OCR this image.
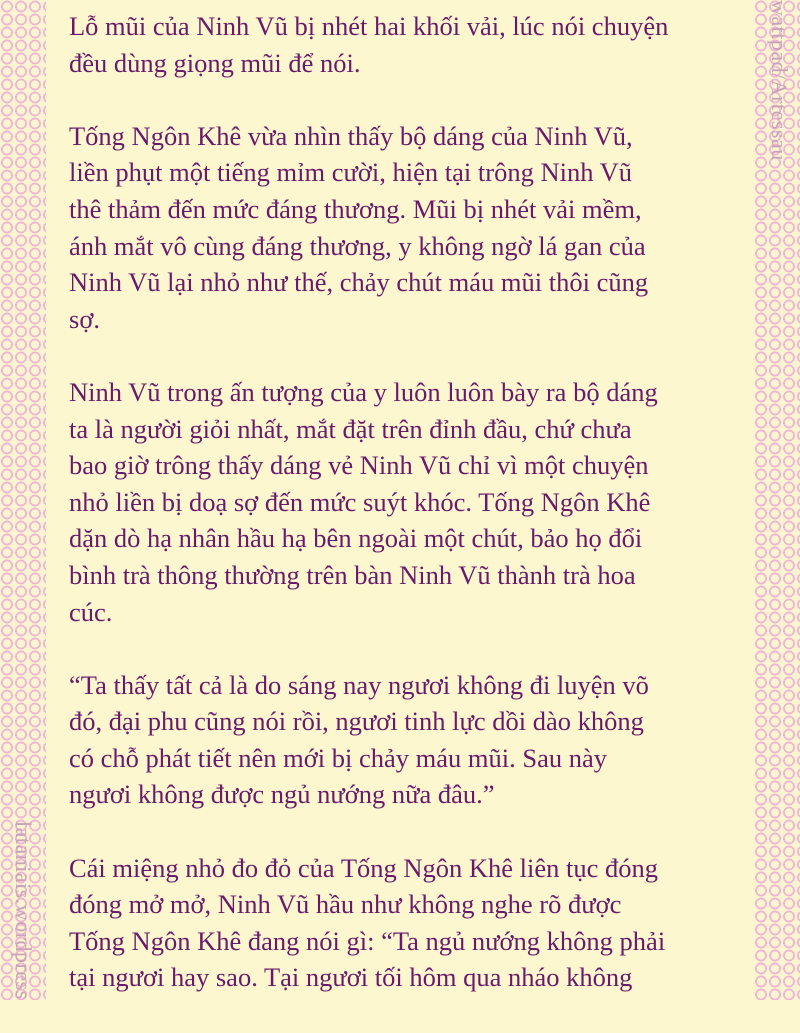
lataniais.wordpress

Lỗ mũi của Ninh Vũ bị nhét hai khối vải, lúc nói chuyện
đều dùng giọng mũi để nói.

Tống Ngôn Khê vừa nhìn thấy bộ dáng của Ninh Vũ,
liền phụt một tiếng mỉm cười, hiện tại trông Ninh Vũ
thê thảm đến mức đáng thương. Mũi bị nhét vải mềm,
ánh mắt vô cùng đáng thương, y không ngờ lá gan của
Ninh Vũ lại nhỏ như thế, chảy chút máu mũi thôi cũng
sợ.

Ninh Vũ trong ấn tượng của y luôn luôn bày ra bộ dáng
ta là người giỏi nhất, mắt đặt trên đỉnh đầu, chứ chưa
bao giờ trông thấy dáng vẻ Ninh Vũ chỉ vì một chuyện
nhỏ liền bị doạ sợ đến mức suýt khóc. Tống Ngôn Khê
dặn dò hạ nhân hầu hạ bên ngoài một chút, bảo họ đổi
bình trà thông thường trên bàn Ninh Vũ thành trà hoa
cúc.

“Ta thấy tất cả là do sáng nay ngươi không đi luyện võ
đó, đại phu cũng nói rồi, ngươi tinh lực dồi dào không
có chỗ phát tiết nên mới bị chảy máu mũi. Sau này
ngươi không được ngủ nướng nữa đâu.”

Cái miệng nhỏ đo đỏ của Tống Ngôn Khê liên tục đóng
đóng mở mở, Ninh Vũ hầu như không nghe rõ được
Tống Ngôn Khê đang nói gì: “Ta ngủ nướng không phải
tại ngươi hay sao. Tại ngươi tối hôm qua nháo không

wattpad/Artessau
